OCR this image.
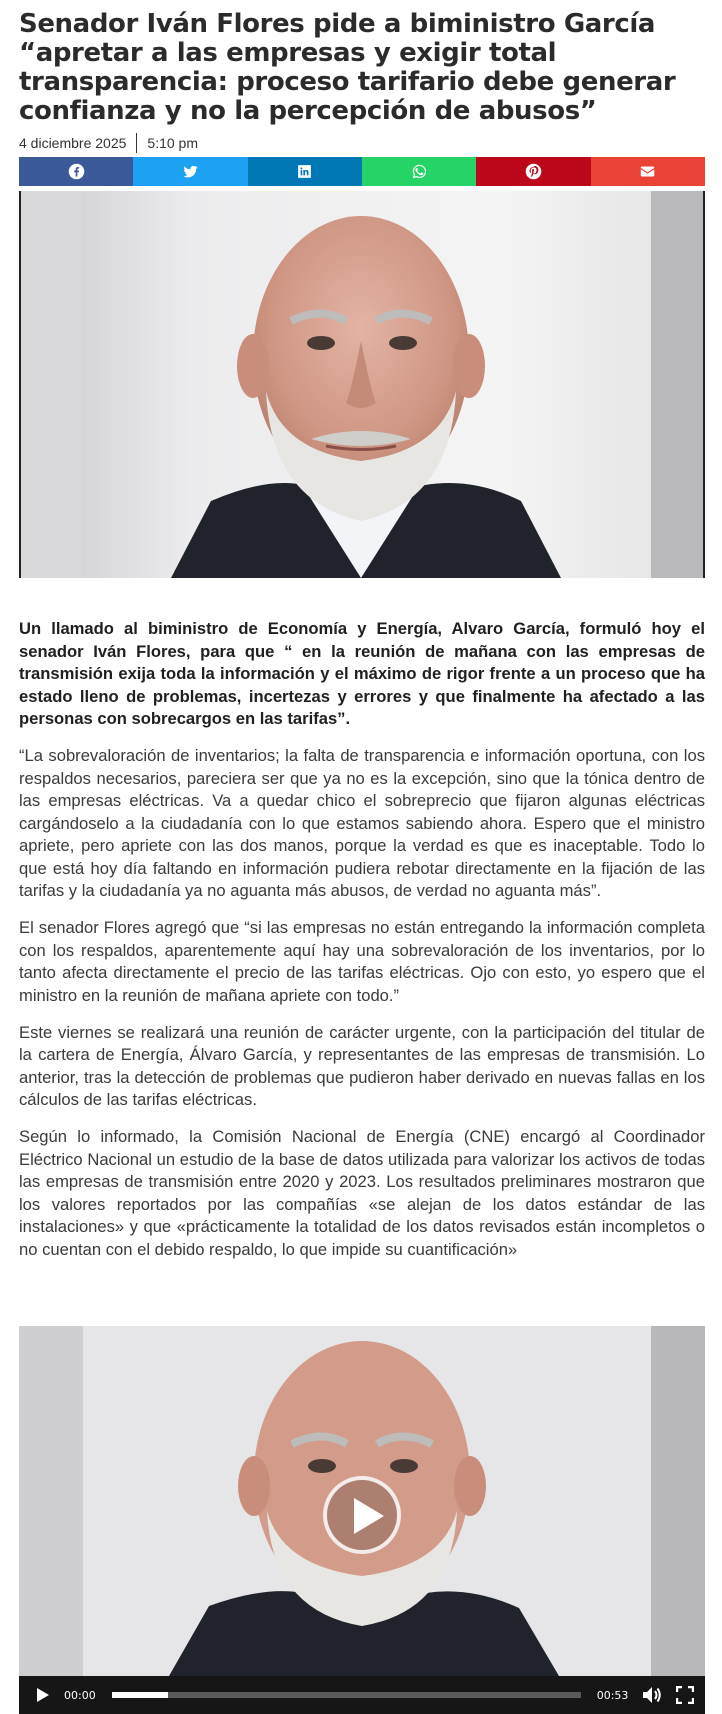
Senador Iván Flores pide a biministro García “apretar a las empresas y exigir total transparencia: proceso tarifario debe generar confianza y no la percepción de abusos”
4 diciembre 2025 5:10 pm

Un llamado al biministro de Economía y Energía, Alvaro García, formuló hoy el senador Iván Flores, para que “ en la reunión de mañana con las empresas de transmisión exija toda la información y el máximo de rigor frente a un proceso que ha estado lleno de problemas, incertezas y errores y que finalmente ha afectado a las personas con sobrecargos en las tarifas”.

“La sobrevaloración de inventarios; la falta de transparencia e información oportuna, con los respaldos necesarios, pareciera ser que ya no es la excepción, sino que la tónica dentro de las empresas eléctricas. Va a quedar chico el sobreprecio que fijaron algunas eléctricas cargándoselo a la ciudadanía con lo que estamos sabiendo ahora. Espero que el ministro apriete, pero apriete con las dos manos, porque la verdad es que es inaceptable. Todo lo que está hoy día faltando en información pudiera rebotar directamente en la fijación de las tarifas y la ciudadanía ya no aguanta más abusos, de verdad no aguanta más”.

El senador Flores agregó que “si las empresas no están entregando la información completa con los respaldos, aparentemente aquí hay una sobrevaloración de los inventarios, por lo tanto afecta directamente el precio de las tarifas eléctricas. Ojo con esto, yo espero que el ministro en la reunión de mañana apriete con todo.”

Este viernes se realizará una reunión de carácter urgente, con la participación del titular de la cartera de Energía, Álvaro García, y representantes de las empresas de transmisión. Lo anterior, tras la detección de problemas que pudieron haber derivado en nuevas fallas en los cálculos de las tarifas eléctricas.

Según lo informado, la Comisión Nacional de Energía (CNE) encargó al Coordinador Eléctrico Nacional un estudio de la base de datos utilizada para valorizar los activos de todas las empresas de transmisión entre 2020 y 2023. Los resultados preliminares mostraron que los valores reportados por las compañías «se alejan de los datos estándar de las instalaciones» y que «prácticamente la totalidad de los datos revisados están incompletos o no cuentan con el debido respaldo, lo que impide su cuantificación»

00:00	00:53
